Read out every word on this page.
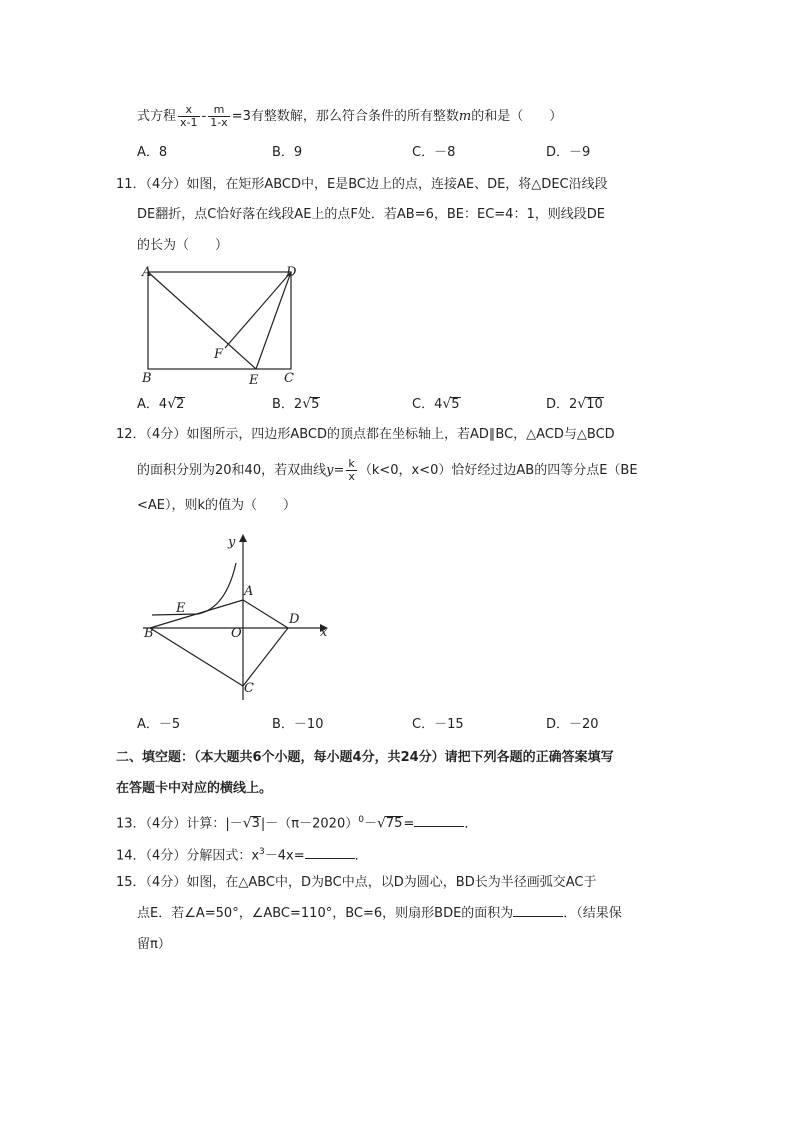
式方程 $\frac{x}{x-1} - \frac{m}{1-x} =3$有整数解，那么符合条件的所有整数m的和是（　　）
A．8	B．9	C．－8	D．－9
11．（4分）如图，在矩形ABCD中，E是BC边上的点，连接AE、DE，将△DEC沿线段
DE翻折，点C恰好落在线段AE上的点F处．若AB=6，BE：EC=4：1，则线段DE
的长为（　　）
A	D
B	E C
F
A．4√2	B．2√5	C．4√5	D．2√10
12．（4分）如图所示，四边形ABCD的顶点都在坐标轴上，若AD∥BC，△ACD与△BCD
的面积分别为20和40，若双曲线$y= \frac{k}{x} (k<0$，x<0）恰好经过边AB的四等分点E（BE
<AE），则k的值为（　　）
y
x
A
B
C
D
E
O
A．－5	B．－10	C．－15	D．－20
二、填空题：（本大题共6个小题，每小题4分，共24分）请把下列各题的正确答案填写
在答题卡中对应的横线上。
13．（4分）计算：$|-√3|-(\pi-2020)^0-√75=$	．
14．（4分）分解因式：$x^3-4x=$	．
15．（4分）如图，在△ABC中，D为BC中点，以D为圆心，BD长为半径画弧交AC于
点E．若∠A=50°，∠ABC=110°，BC=6，则扇形BDE的面积为	．（结果保
留π）
